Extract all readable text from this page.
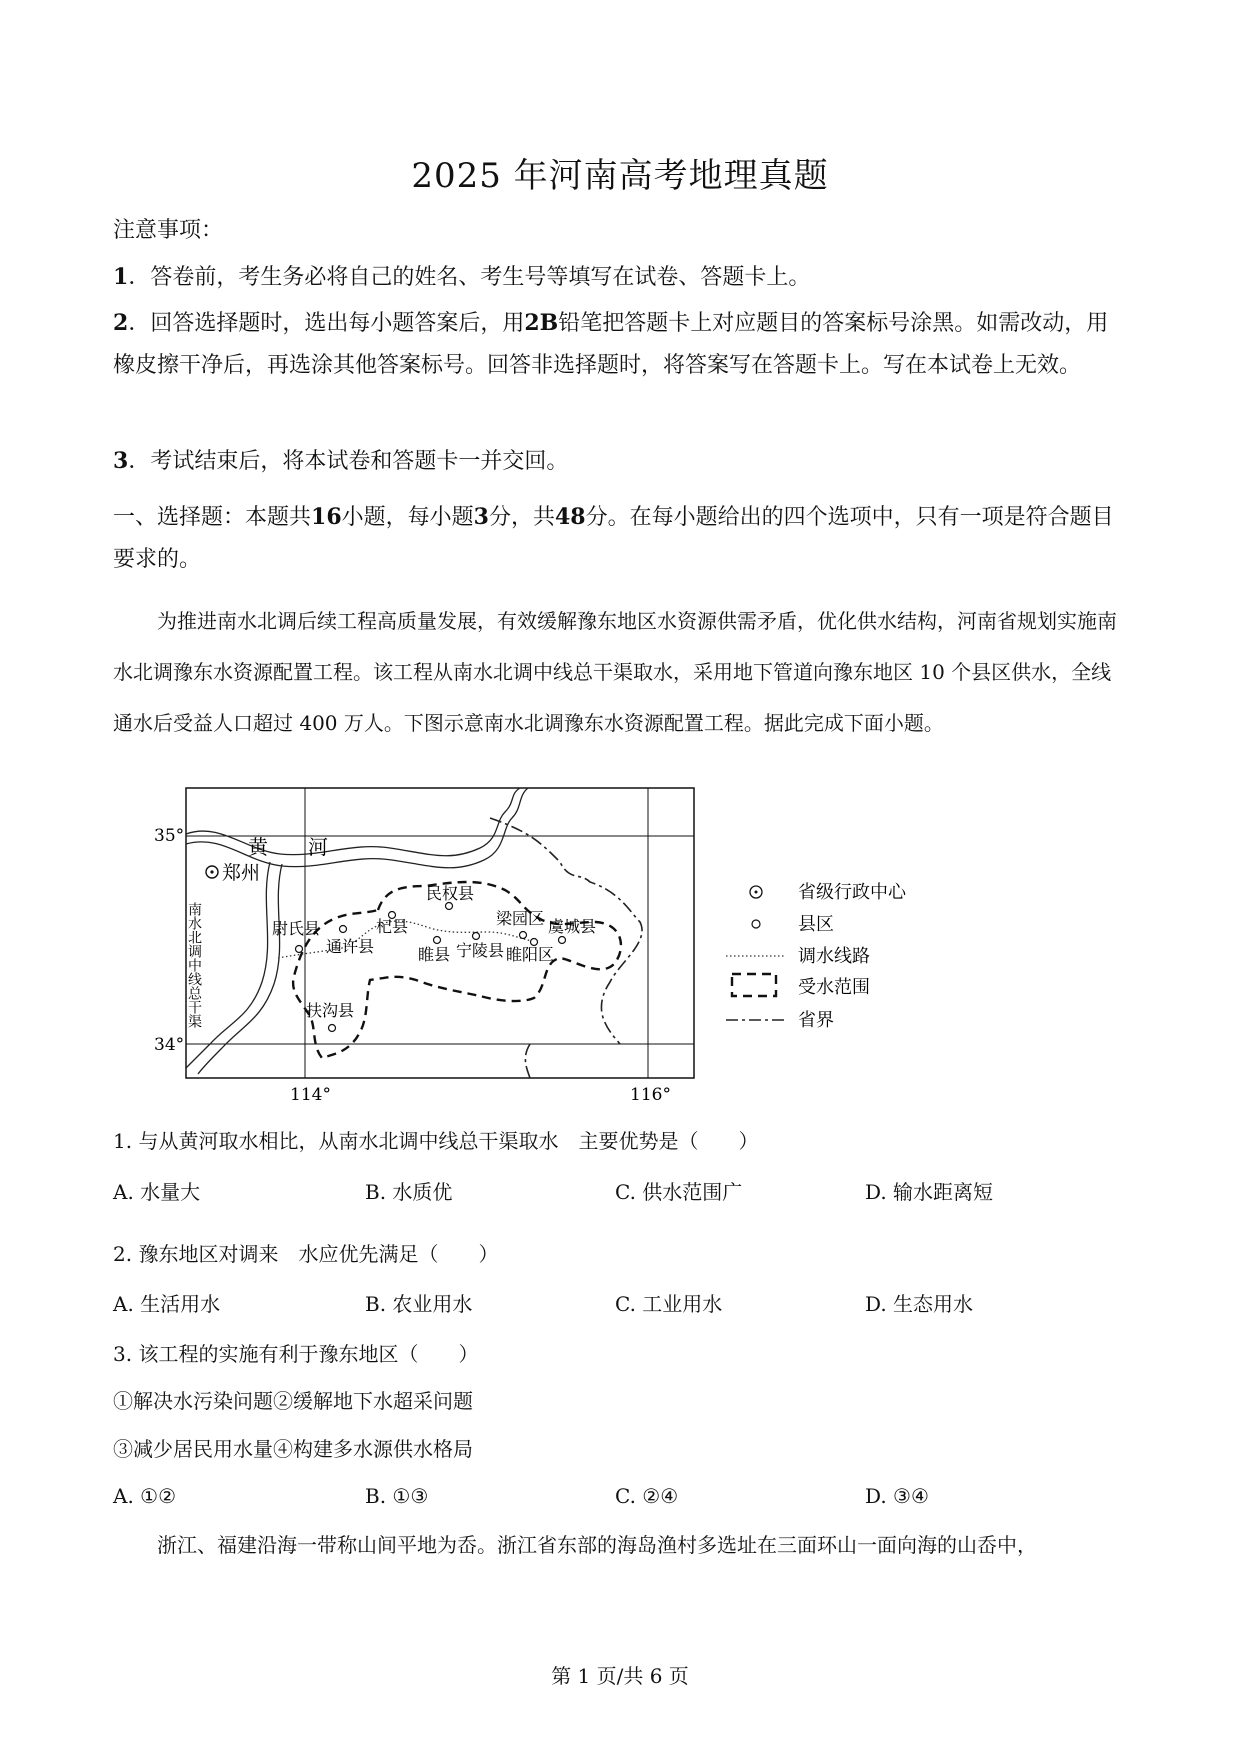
2025 年河南高考地理真题
注意事项：
1．答卷前，考生务必将自己的姓名、考生号等填写在试卷、答题卡上。
2．回答选择题时，选出每小题答案后，用2B铅笔把答题卡上对应题目的答案标号涂黑。如需改动，用橡皮擦干净后，再选涂其他答案标号。回答非选择题时，将答案写在答题卡上。写在本试卷上无效。
3．考试结束后，将本试卷和答题卡一并交回。
一、选择题：本题共16小题，每小题3分，共48分。在每小题给出的四个选项中，只有一项是符合题目要求的。
为推进南水北调后续工程高质量发展，有效缓解豫东地区水资源供需矛盾，优化供水结构，河南省规划实施南水北调豫东水资源配置工程。该工程从南水北调中线总干渠取水，采用地下管道向豫东地区 10 个县区供水，全线通水后受益人口超过 400 万人。下图示意南水北调豫东水资源配置工程。据此完成下面小题。
35°
34°
114°	116°
黄　　河
南水北调中线总干渠
郑州
民权县
梁园区 虞城县
尉氏县
通许县
杞县
睢县 宁陵县 睢阳区
扶沟县
省级行政中心
县区
调水线路
受水范围
省界
1. 与从黄河取水相比，从南水北调中线总干渠取水　主要优势是（　　）
A. 水量大	B. 水质优	C. 供水范围广	D. 输水距离短
2. 豫东地区对调来　水应优先满足（　　）
A. 生活用水	B. 农业用水	C. 工业用水	D. 生态用水
3. 该工程的实施有利于豫东地区（　　）
①解决水污染问题②缓解地下水超采问题
③减少居民用水量④构建多水源供水格局
A. ①②	B. ①③	C. ②④	D. ③④
浙江、福建沿海一带称山间平地为岙。浙江省东部的海岛渔村多选址在三面环山一面向海的山岙中，
第 1 页/共 6 页
